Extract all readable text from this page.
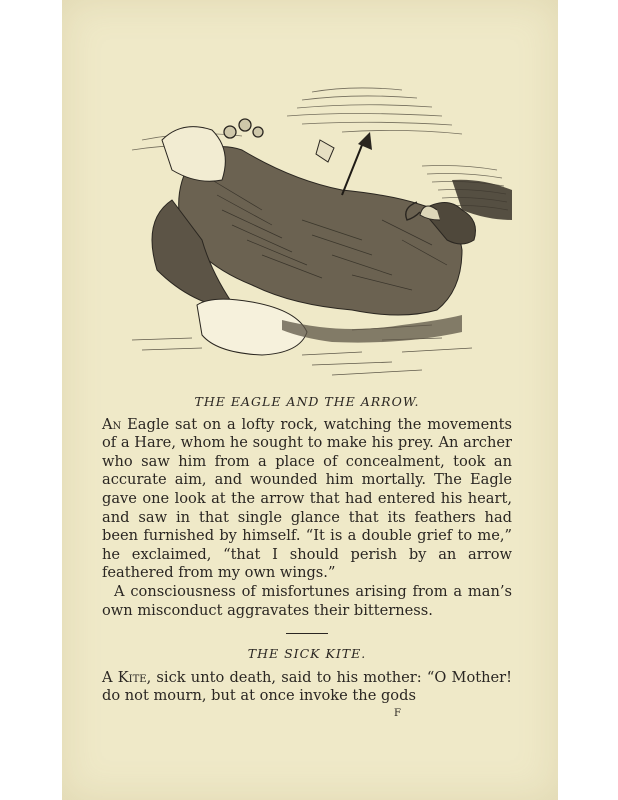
THE EAGLE AND THE ARROW.

An Eagle sat on a lofty rock, watching the movements of a Hare, whom he sought to make his prey. An archer who saw him from a place of concealment, took an accurate aim, and wounded him mortally. The Eagle gave one look at the arrow that had entered his heart, and saw in that single glance that its feathers had been furnished by himself. “It is a double grief to me,” he exclaimed, “that I should perish by an arrow feathered from my own wings.”

A consciousness of misfortunes arising from a man’s own misconduct aggravates their bitterness.

THE SICK KITE.

A Kite, sick unto death, said to his mother: “O Mother! do not mourn, but at once invoke the gods

F
